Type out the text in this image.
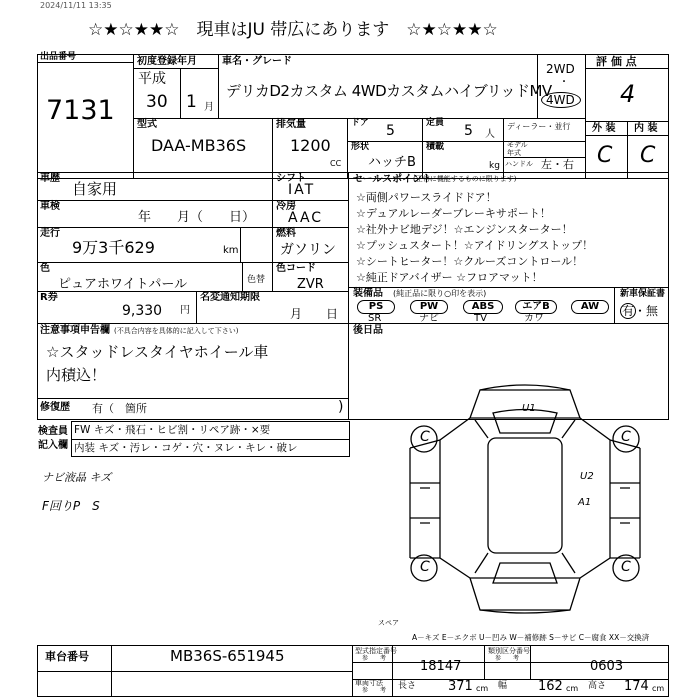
2024/11/11 13:35
☆★☆★★☆　現車はJU 帯広にあります　☆★☆★★☆
出品番号
7131
初度登録年月
平成
30 1 月
車名・グレード
デリカD2カスタム 4WDカスタムハイブリッドMV
2WD
・
4WD
評 価 点
4
外 装 内 装
C C
型式
DAA-MB36S
排気量
1200
CC
ドア 5	定員 5 人
ディーラー・並行
形状
ハッチB
積載
kg
モデル
年式
ハンドル 左・右
車歴
自家用
シフト
IAT
車検
年　　月（　　日）
冷房
AAC
走行
9万3千629	km
燃料
ガソリン
色
ピュアホワイトパール	色替
色コード
ZVR
R券
9,330 円
名変通知期限
月　　日
注意事項申告欄 (不具合内容を具体的に記入して下さい)
☆スタッドレスタイヤホイール車
内積込！
修復歴 有（　箇所	)
検査員
記入欄
FW キズ・飛石・ヒビ割・リペア跡・×要
内装 キズ・汚レ・コゲ・穴・ヌレ・キレ・破レ
ナビ液晶 キズ
F回りP　S
セールスポイント
(正常に機能するものに限ります)
☆両側パワースライドドア！
☆デュアルレーダーブレーキサポート！
☆社外ナビ地デジ！☆エンジンスターター！
☆プッシュスタート！☆アイドリングストップ！
☆シートヒーター！☆クルーズコントロール！
☆純正ドアバイザー ☆フロアマット！
装備品 (純正品に限り○印を表示)	新車保証書
PS	PW	ABS	エアB	AW
SR	ナビ	TV	カワ
有・無
後日品
U1
U2
A1
C	C
C	C
スペア
A－キズ E－エクボ U－凹み W－補修跡 S－サビ C－腐食 XX－交換済
車台番号	MB36S-651945	型式指定番号
参　　考
18147
類別区分番号
参　　考
0603
車両寸法
参　　考 長さ 371 cm 幅 162 cm 高さ 174 cm
